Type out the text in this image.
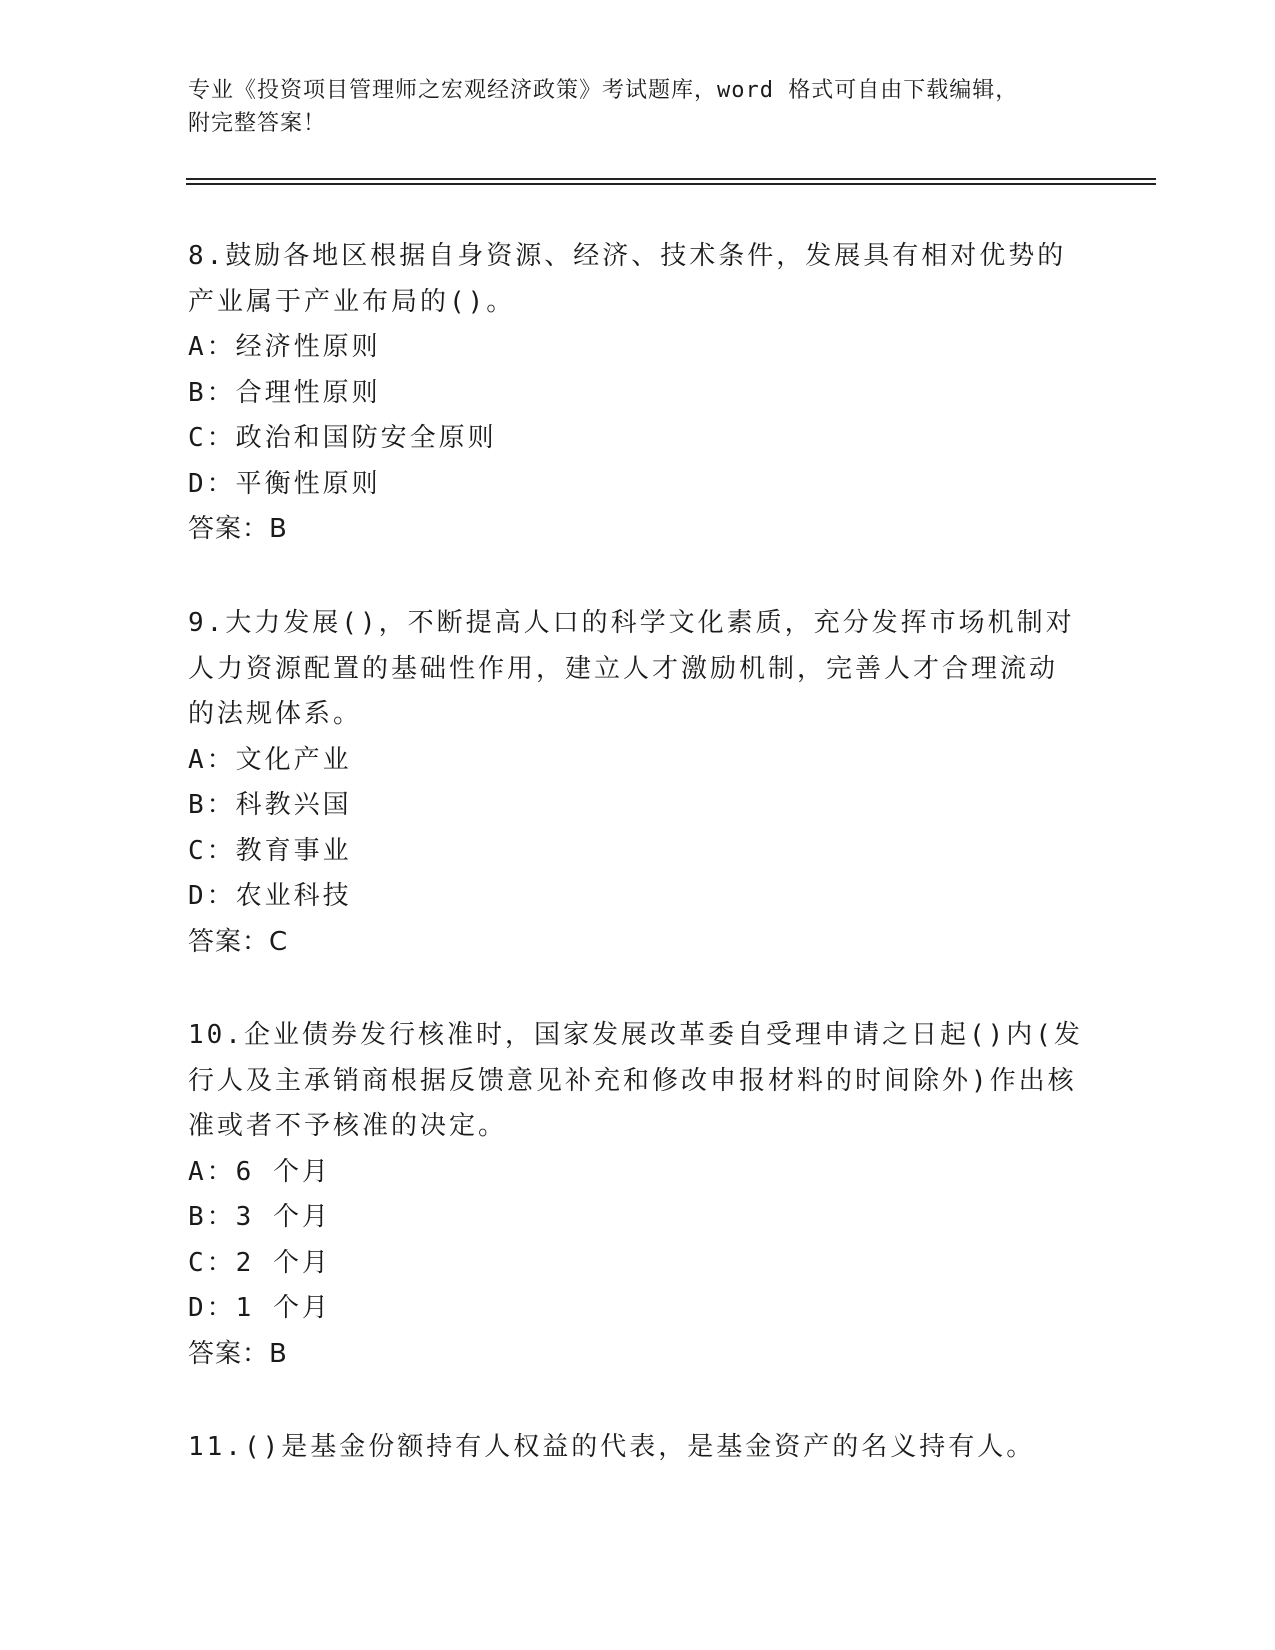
专业《投资项目管理师之宏观经济政策》考试题库，word 格式可自由下载编辑，
附完整答案！
8.鼓励各地区根据自身资源、经济、技术条件，发展具有相对优势的
产业属于产业布局的()。
A：经济性原则
B：合理性原则
C：政治和国防安全原则
D：平衡性原则
答案：B
9.大力发展()，不断提高人口的科学文化素质，充分发挥市场机制对
人力资源配置的基础性作用，建立人才激励机制，完善人才合理流动
的法规体系。
A：文化产业
B：科教兴国
C：教育事业
D：农业科技
答案：C
10.企业债券发行核准时，国家发展改革委自受理申请之日起()内(发
行人及主承销商根据反馈意见补充和修改申报材料的时间除外)作出核
准或者不予核准的决定。
A：6 个月
B：3 个月
C：2 个月
D：1 个月
答案：B
11.()是基金份额持有人权益的代表，是基金资产的名义持有人。
